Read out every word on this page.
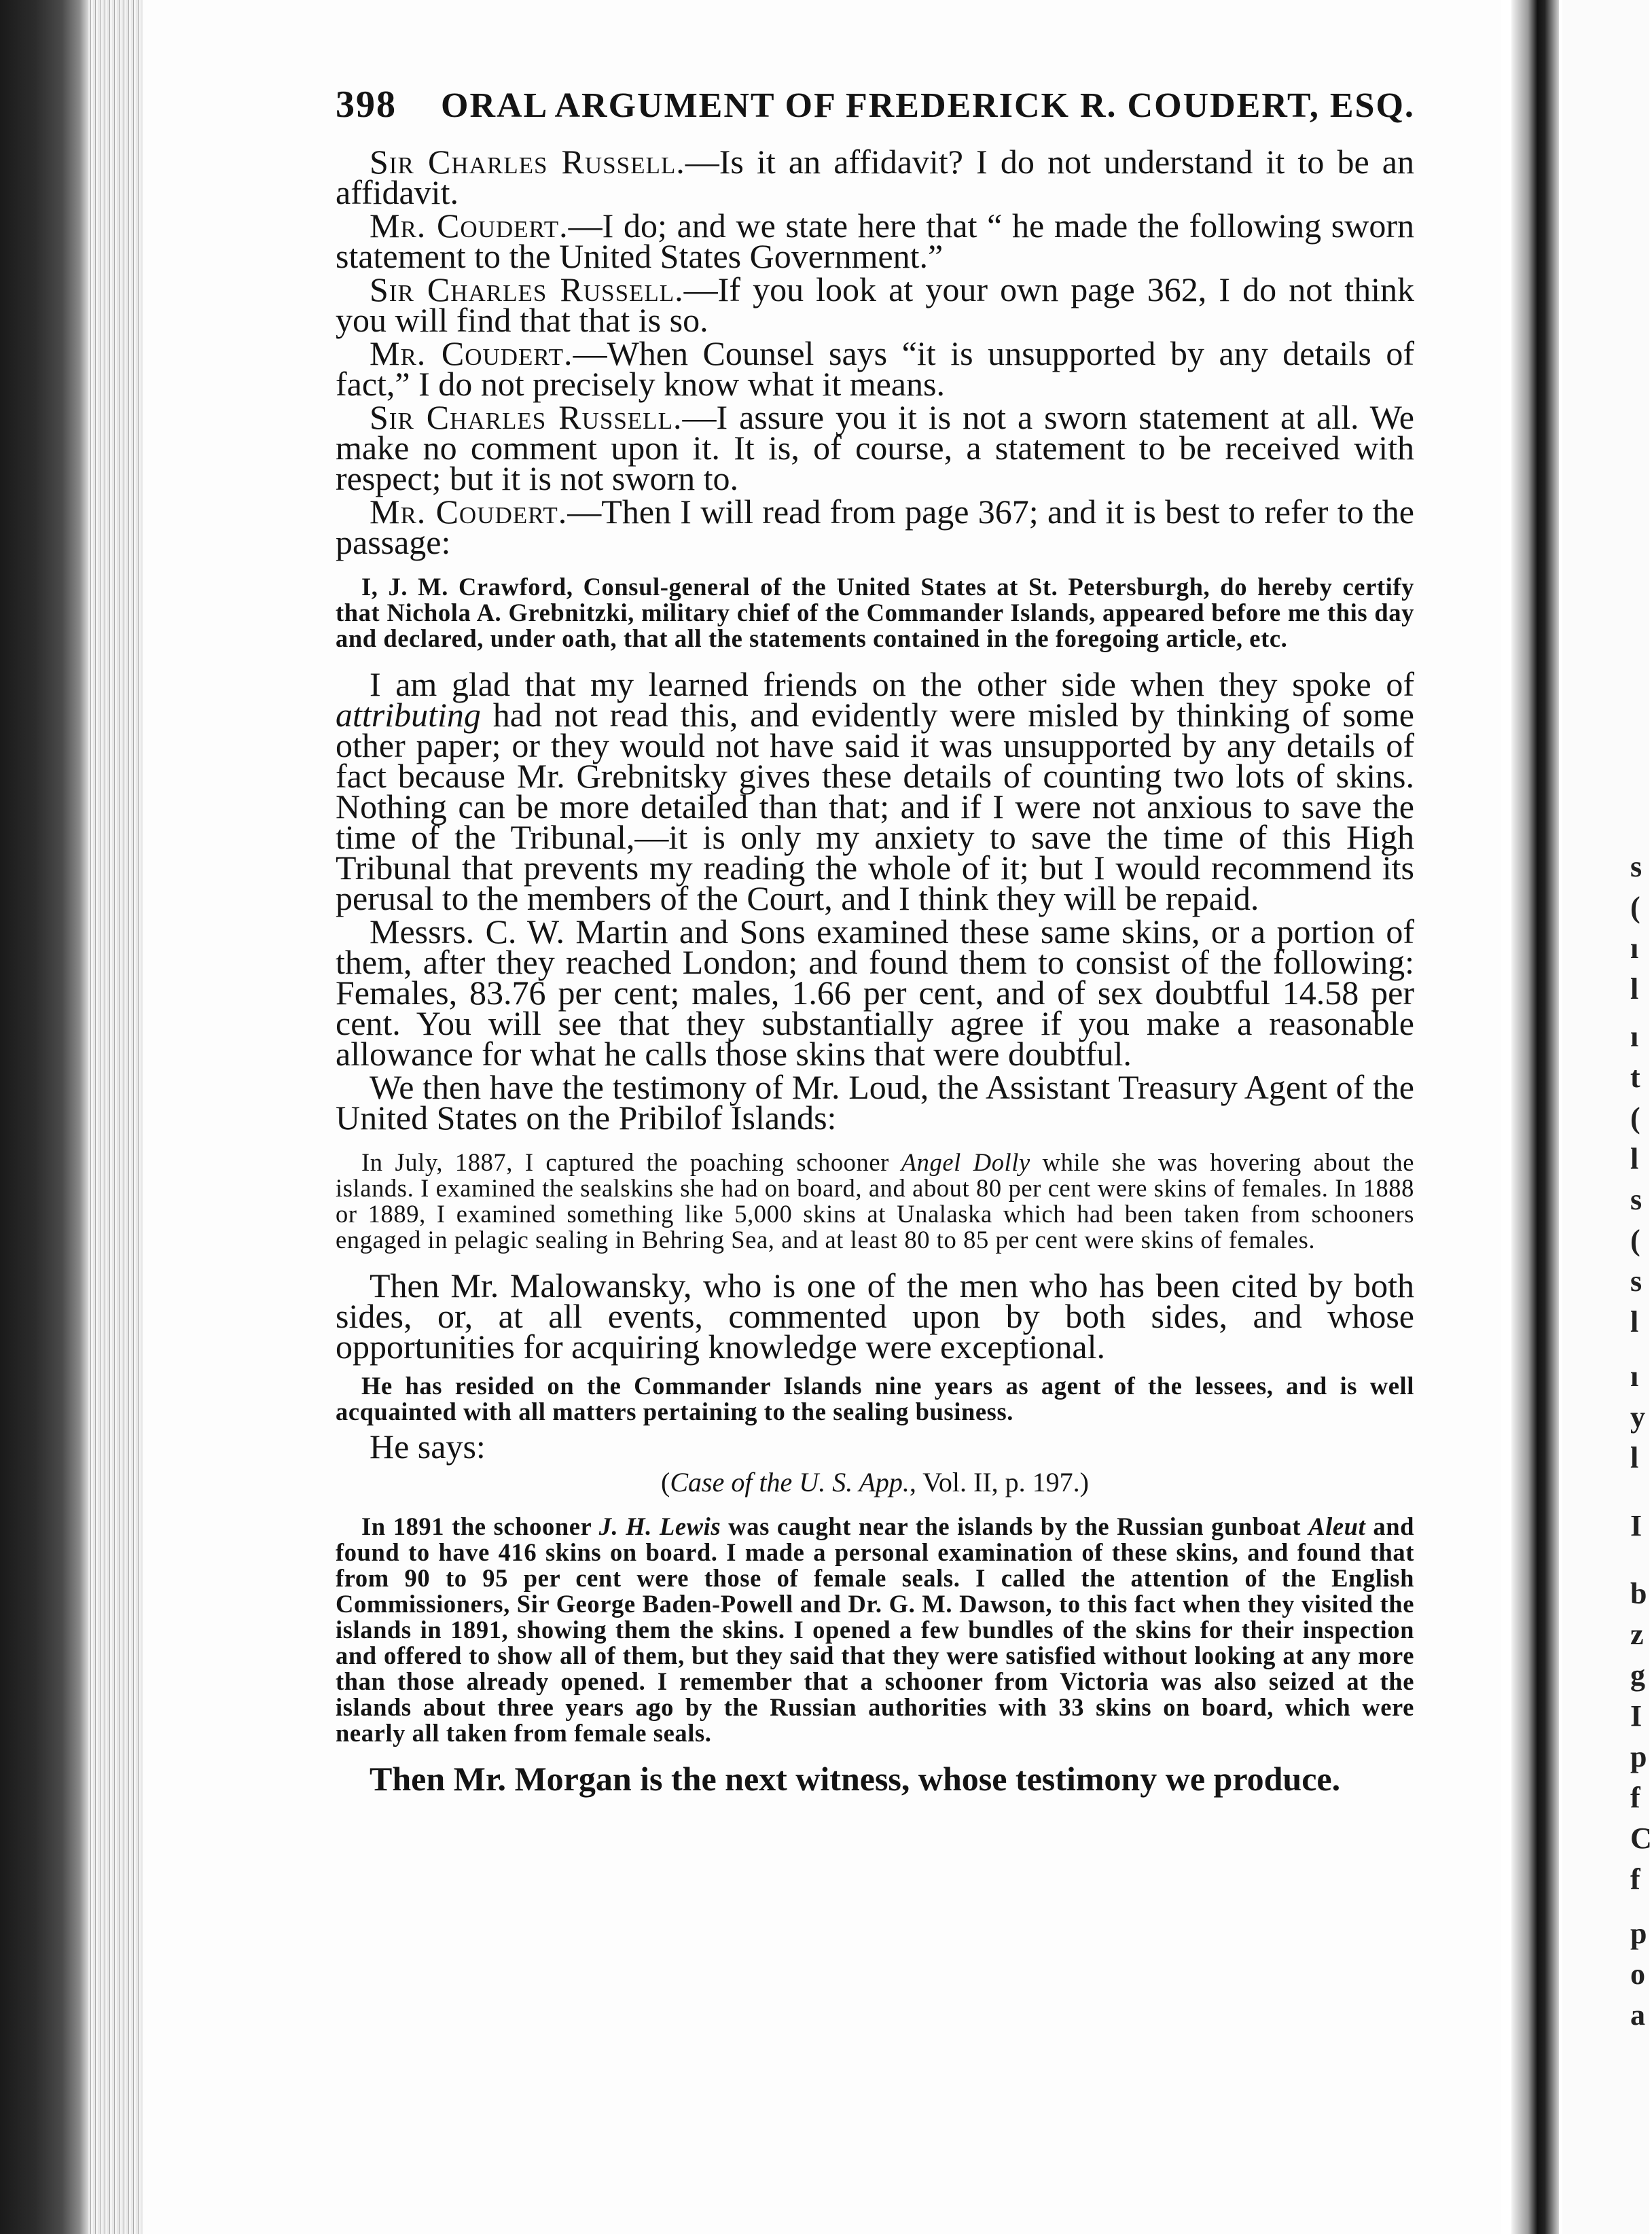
s
(
ı
l
ı
t
(
l
s
(
s
l
ı
y
l
I
b
z
g
I
p
f
C
f
p
o
a
398 ORAL ARGUMENT OF FREDERICK R. COUDERT, ESQ.

Sir Charles Russell.—Is it an affidavit? I do not understand it to be an affidavit.

Mr. Coudert.—I do; and we state here that “ he made the following sworn statement to the United States Government.”

Sir Charles Russell.—If you look at your own page 362, I do not think you will find that that is so.

Mr. Coudert.—When Counsel says “it is unsupported by any details of fact,” I do not precisely know what it means.

Sir Charles Russell.—I assure you it is not a sworn statement at all. We make no comment upon it. It is, of course, a statement to be received with respect; but it is not sworn to.

Mr. Coudert.—Then I will read from page 367; and it is best to refer to the passage:

I, J. M. Crawford, Consul-general of the United States at St. Petersburgh, do hereby certify that Nichola A. Grebnitzki, military chief of the Commander Islands, appeared before me this day and declared, under oath, that all the statements contained in the foregoing article, etc.

I am glad that my learned friends on the other side when they spoke of attributing had not read this, and evidently were misled by thinking of some other paper; or they would not have said it was unsupported by any details of fact because Mr. Grebnitsky gives these details of counting two lots of skins. Nothing can be more detailed than that; and if I were not anxious to save the time of the Tribunal,—it is only my anxiety to save the time of this High Tribunal that prevents my reading the whole of it; but I would recommend its perusal to the members of the Court, and I think they will be repaid.

Messrs. C. W. Martin and Sons examined these same skins, or a portion of them, after they reached London; and found them to consist of the following: Females, 83.76 per cent; males, 1.66 per cent, and of sex doubtful 14.58 per cent. You will see that they substantially agree if you make a reasonable allowance for what he calls those skins that were doubtful.

We then have the testimony of Mr. Loud, the Assistant Treasury Agent of the United States on the Pribilof Islands:

In July, 1887, I captured the poaching schooner Angel Dolly while she was hovering about the islands. I examined the sealskins she had on board, and about 80 per cent were skins of females. In 1888 or 1889, I examined something like 5,000 skins at Unalaska which had been taken from schooners engaged in pelagic sealing in Behring Sea, and at least 80 to 85 per cent were skins of females.

Then Mr. Malowansky, who is one of the men who has been cited by both sides, or, at all events, commented upon by both sides, and whose opportunities for acquiring knowledge were exceptional.

He has resided on the Commander Islands nine years as agent of the lessees, and is well acquainted with all matters pertaining to the sealing business.

He says:

(Case of the U. S. App., Vol. II, p. 197.)

In 1891 the schooner J. H. Lewis was caught near the islands by the Russian gunboat Aleut and found to have 416 skins on board. I made a personal examination of these skins, and found that from 90 to 95 per cent were those of female seals. I called the attention of the English Commissioners, Sir George Baden-Powell and Dr. G. M. Dawson, to this fact when they visited the islands in 1891, showing them the skins. I opened a few bundles of the skins for their inspection and offered to show all of them, but they said that they were satisfied without looking at any more than those already opened. I remember that a schooner from Victoria was also seized at the islands about three years ago by the Russian authorities with 33 skins on board, which were nearly all taken from female seals.

Then Mr. Morgan is the next witness, whose testimony we produce.
